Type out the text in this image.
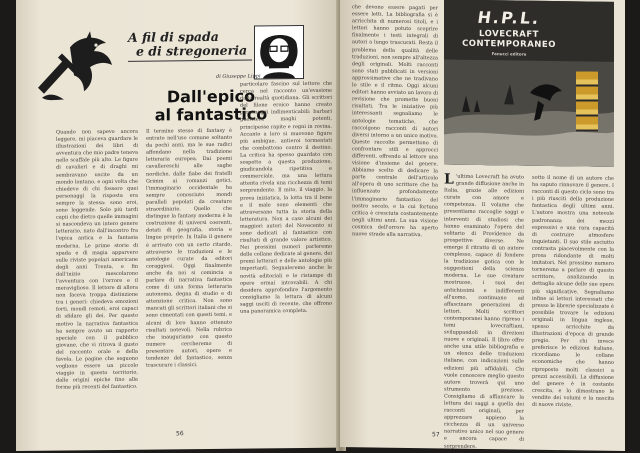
A fil di spada
e di stregoneria
di Giuseppe Lippi
Dall'epico
al fantastico
Quando non sapevo ancora leggere, mi piaceva guardare le illustrazioni dei libri di avventura che mio padre teneva nello scaffale più alto. Le figure di cavalieri e di draghi mi sembravano uscite da un mondo lontano, e ogni volta che chiedevo di chi fossero quei personaggi la risposta era sempre la stessa: sono eroi, sono leggende. Solo più tardi capii che dietro quelle immagini si nascondeva un intero genere letterario, nato dall'incontro fra l'epica antica e la fantasia moderna. Le prime storie di spada e di magia apparvero sulle riviste popolari americane degli anni Trenta, e fin dall'inizio mescolarono l'avventura con l'orrore e il meraviglioso. Il lettore di allora non faceva troppa distinzione tra i generi: chiedeva emozioni forti, mondi remoti, eroi capaci di sfidare gli dei. Per questo motivo la narrativa fantastica ha sempre avuto un rapporto speciale con il pubblico giovane, che vi ritrova il gusto del racconto orale e della favola. Le pagine che seguono vogliono essere un piccolo viaggio in questo territorio, dalle origini epiche fino alle forme più recenti del fantastico.
Il termine stesso di fantasy è entrato nell'uso comune soltanto da pochi anni, ma le sue radici affondano nella tradizione letteraria europea. Dai poemi cavallereschi alle saghe nordiche, dalle fiabe dei fratelli Grimm ai romanzi gotici, l'immaginario occidentale ha sempre conosciuto mondi paralleli popolati da creature straordinarie. Quello che distingue la fantasy moderna è la costruzione di universi coerenti, dotati di geografia, storia e lingue proprie. In Italia il genere è arrivato con un certo ritardo, attraverso le traduzioni e le antologie curate da editori coraggiosi. Oggi finalmente anche da noi si comincia a parlare di narrativa fantastica come di una forma letteraria autonoma, degna di studio e di attenzione critica. Non sono mancati gli scrittori italiani che si sono cimentati con questi temi, e alcuni di loro hanno ottenuto risultati notevoli. Nella rubrica che inauguriamo con questo numero cercheremo di presentare autori, opere e tendenze del fantastico, senza trascurare i classici.
particolare fascino sul lettore che cerca nel racconto un'evasione dalla realtà quotidiana. Gli scrittori del filone eroico hanno creato personaggi indimenticabili: barbari guerrieri, maghi potenti, principesse rapite e regni in rovina. Accanto a loro si muovono figure più ambigue, antieroi tormentati che combattono contro il destino. La critica ha spesso guardato con sospetto a questa produzione, giudicandola ripetitiva e commerciale, ma una lettura attenta rivela una ricchezza di temi sorprendente. Il mito, il viaggio, la prova iniziatica, la lotta tra il bene e il male sono elementi che attraversano tutta la storia della letteratura. Non a caso alcuni dei maggiori autori del Novecento si sono dedicati al fantastico con risultati di grande valore artistico. Nei prossimi numeri parleremo delle collane dedicate al genere, dei premi letterari e delle antologie più importanti. Segnaleremo anche le novità editoriali e le ristampe di opere ormai introvabili. A chi desidera approfondire l'argomento consigliamo la lettura di alcuni saggi usciti di recente, che offrono una panoramica completa.
56
che devono essere pagati per essere letti. La bibliografia si è arricchita di numerosi titoli, e i lettori hanno potuto scoprire finalmente i testi integrali di autori a lungo trascurati. Resta il problema della qualità delle traduzioni, non sempre all'altezza degli originali. Molti racconti sono stati pubblicati in versioni approssimative che ne tradivano lo stile e il ritmo. Oggi alcuni editori hanno avviato un lavoro di revisione che promette buoni risultati. Tra le iniziative più interessanti segnaliamo le antologie tematiche, che raccolgono racconti di autori diversi intorno a un unico motivo. Queste raccolte permettono di confrontare stili e approcci differenti, offrendo al lettore una visione d'insieme del genere. Abbiamo scelto di dedicare la parte centrale dell'articolo all'opera di uno scrittore che ha influenzato profondamente l'immaginario fantastico del nostro secolo, e la cui fortuna critica è cresciuta costantemente negli ultimi anni. La sua visione cosmica dell'orrore ha aperto nuove strade alla narrativa.
H.P.L.
LOVECRAFT CONTEMPORANEO
Fanucci editore
L 'ultimo Lovecraft ha avuto grande diffusione anche in Italia, grazie alle edizioni curate con amore e competenza. Il volume che presentiamo raccoglie saggi e interventi di studiosi che hanno esaminato l'opera del solitario di Providence da prospettive diverse. Ne emerge il ritratto di un autore complesso, capace di fondere la tradizione gotica con le suggestioni della scienza moderna. Le sue creature mostruose, i suoi dei antichissimi e indifferenti all'uomo, continuano ad affascinare generazioni di lettori. Molti scrittori contemporanei hanno ripreso i temi lovecraftiani, sviluppandoli in direzioni nuove e originali. Il libro offre anche una utile bibliografia e un elenco delle traduzioni italiane, con indicazioni sulle edizioni più affidabili. Chi vuole conoscere meglio questo autore troverà qui uno strumento prezioso. Consigliamo di affiancare la lettura dei saggi a quella dei racconti originali, per apprezzare appieno la ricchezza di un universo narrativo unico nel suo genere e ancora capace di sorprendere.
sotto il nome di un autore che ha saputo rinnovare il genere. I racconti di questo ciclo sono tra i più riusciti della produzione fantastica degli ultimi anni. L'autore mostra una notevole padronanza dei mezzi espressivi e una rara capacità di costruire atmosfere inquietanti. Il suo stile asciutto contrasta piacevolmente con la prosa ridondante di molti imitatori. Nel prossimo numero torneremo a parlare di questo scrittore, analizzando in dettaglio alcune delle sue opere più significative. Segnaliamo infine ai lettori interessati che presso le librerie specializzate è possibile trovare le edizioni originali in lingua inglese, spesso arricchite da illustrazioni d'epoca di grande pregio. Per chi invece preferisce le edizioni italiane, ricordiamo le collane economiche che hanno riproposto molti classici a prezzi accessibili. La diffusione del genere è in costante crescita, e lo dimostrano le vendite dei volumi e la nascita di nuove riviste.
57
